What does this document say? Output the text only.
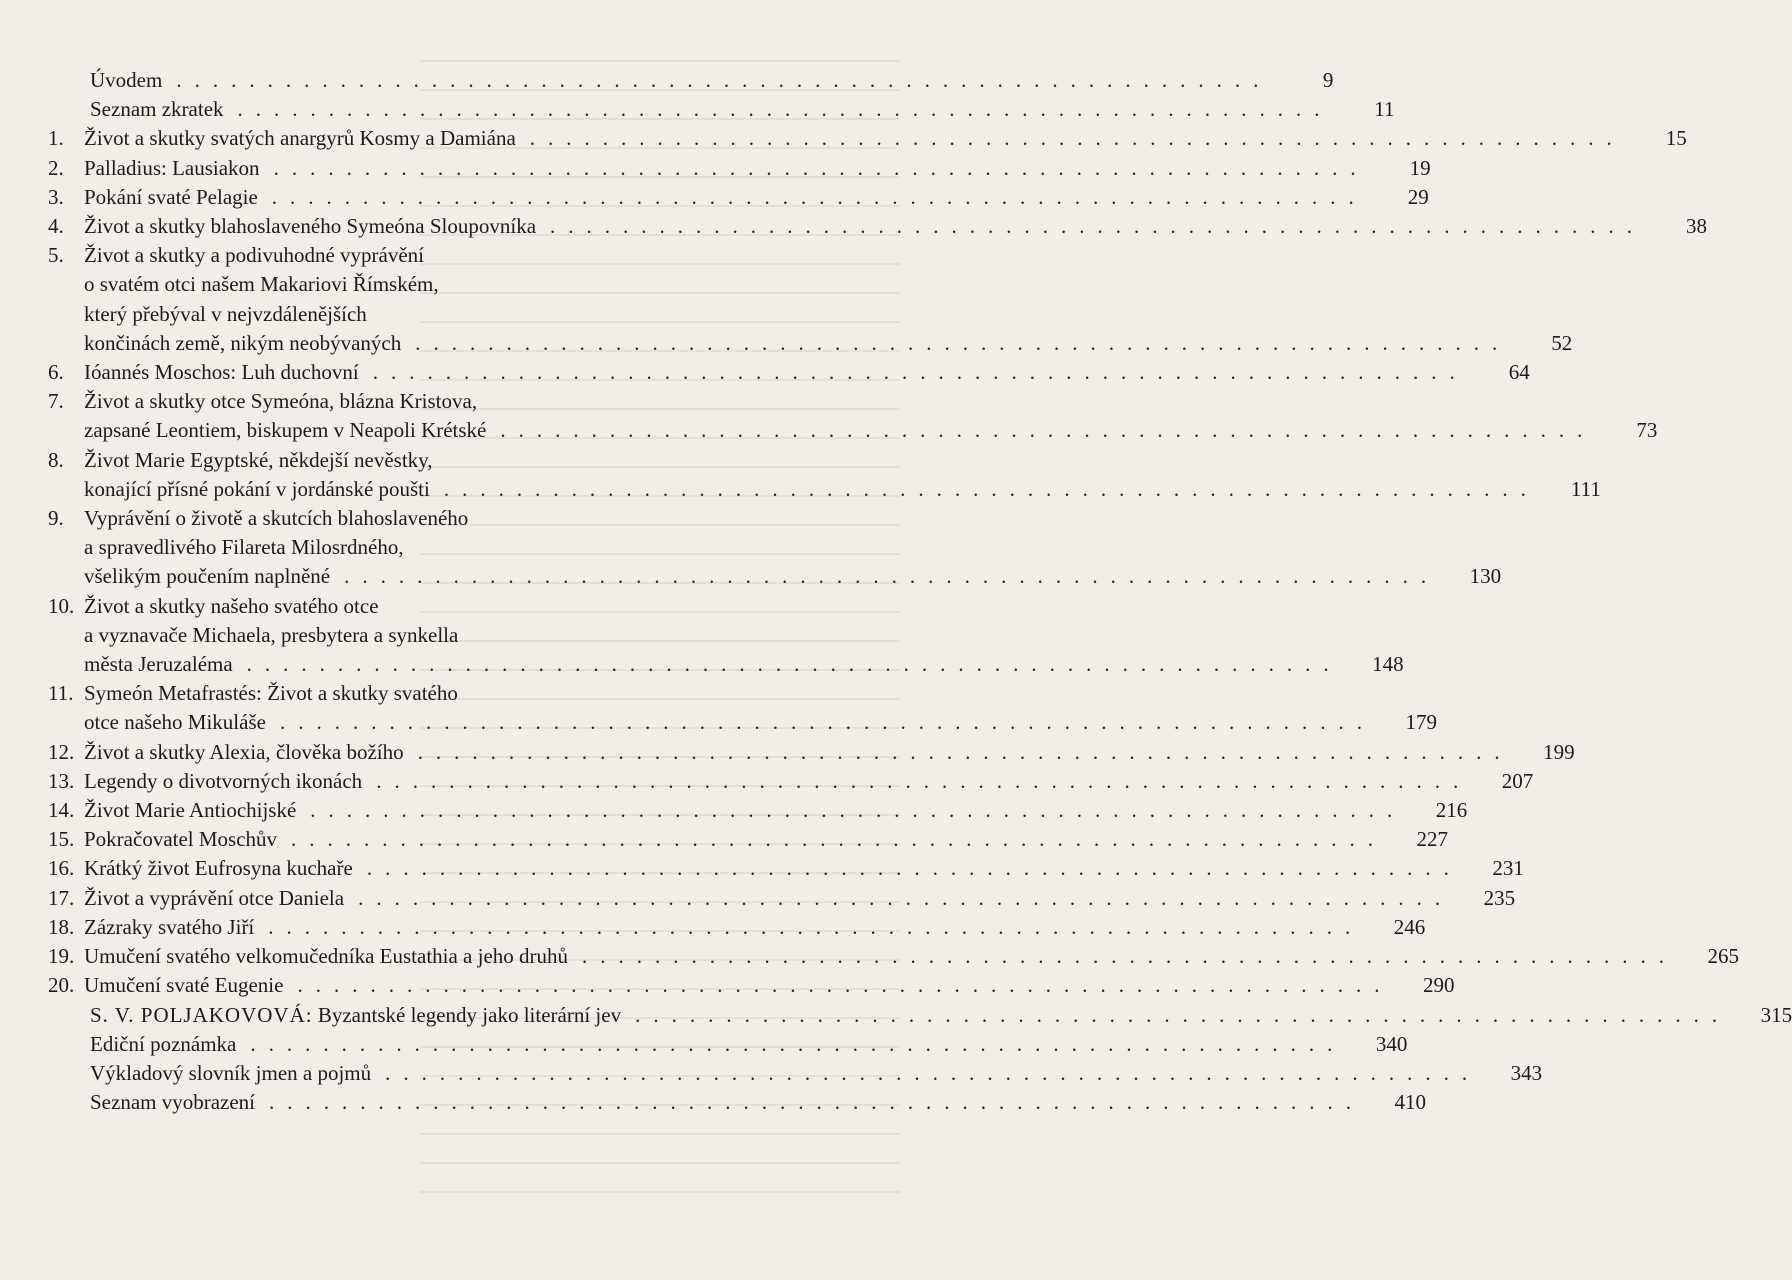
Úvodem ............................................................	9
Seznam zkratek ............................................................	11
1. Život a skutky svatých anargyrů Kosmy a Damiána ............................................................	15
2. Palladius: Lausiakon ............................................................	19
3. Pokání svaté Pelagie ............................................................	29
4. Život a skutky blahoslaveného Symeóna Sloupovníka ............................................................	38
5. Život a skutky a podivuhodné vyprávění
o svatém otci našem Makariovi Římském,
který přebýval v nejvzdálenějších
končinách země, nikým neobývaných ............................................................	52
6. Ióannés Moschos: Luh duchovní ............................................................	64
7. Život a skutky otce Symeóna, blázna Kristova,
zapsané Leontiem, biskupem v Neapoli Krétské ............................................................	73
8. Život Marie Egyptské, někdejší nevěstky,
konající přísné pokání v jordánské poušti ............................................................	111
9. Vyprávění o životě a skutcích blahoslaveného
a spravedlivého Filareta Milosrdného,
všelikým poučením naplněné ............................................................	130
10. Život a skutky našeho svatého otce
a vyznavače Michaela, presbytera a synkella
města Jeruzaléma ............................................................	148
11. Symeón Metafrastés: Život a skutky svatého
otce našeho Mikuláše ............................................................	179
12. Život a skutky Alexia, člověka božího ............................................................	199
13. Legendy o divotvorných ikonách ............................................................	207
14. Život Marie Antiochijské ............................................................	216
15. Pokračovatel Moschův ............................................................	227
16. Krátký život Eufrosyna kuchaře ............................................................	231
17. Život a vyprávění otce Daniela ............................................................	235
18. Zázraky svatého Jiří ............................................................	246
19. Umučení svatého velkomučedníka Eustathia a jeho druhů ............................................................	265
20. Umučení svaté Eugenie ............................................................	290
S. V. POLJAKOVOVÁ: Byzantské legendy jako literární jev ............................................................	315
Ediční poznámka ............................................................	340
Výkladový slovník jmen a pojmů ............................................................	343
Seznam vyobrazení ............................................................	410
